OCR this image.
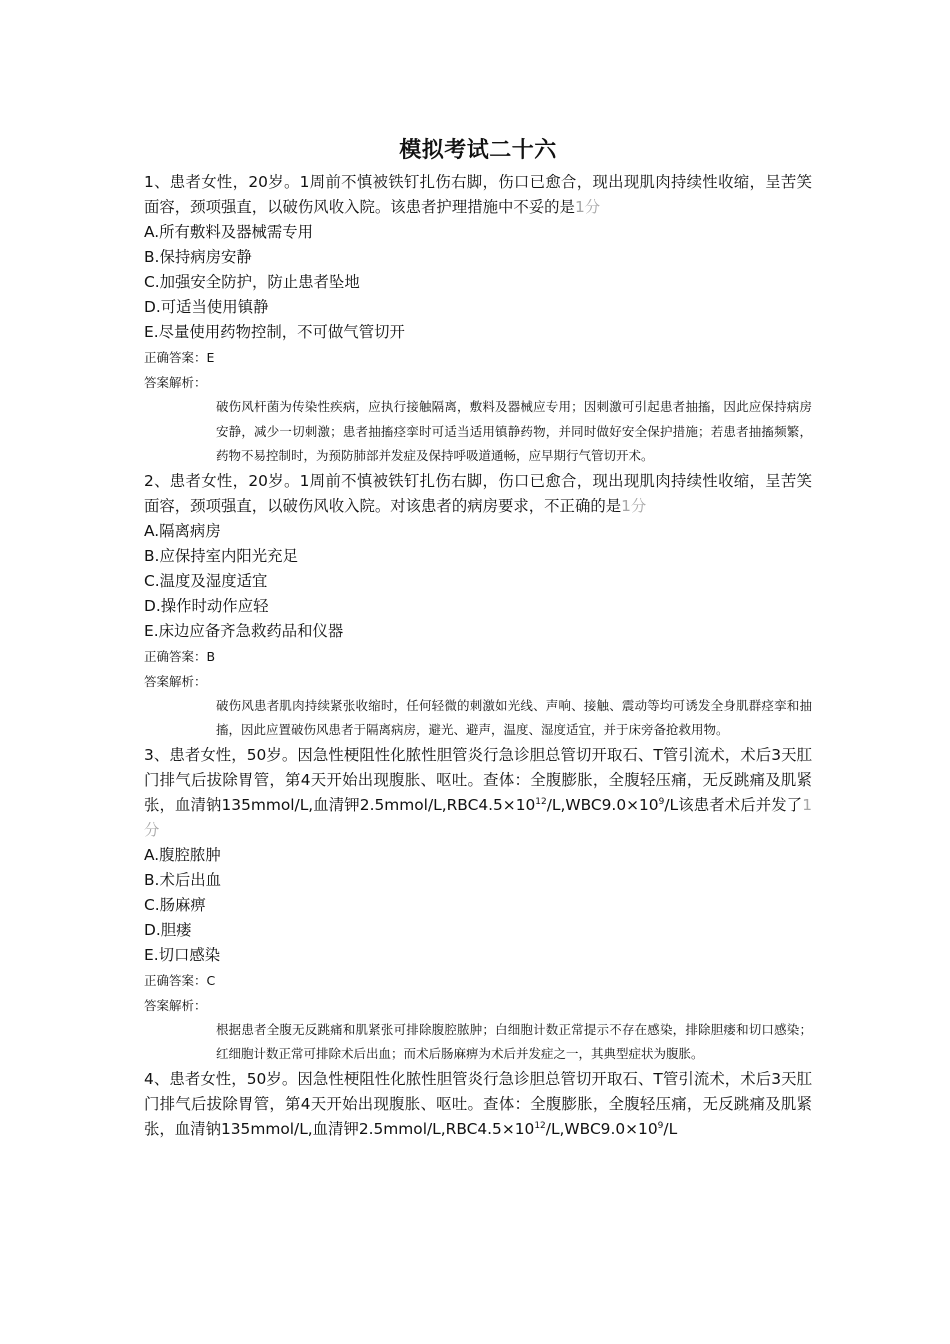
模拟考试二十六

1、患者女性，20岁。1周前不慎被铁钉扎伤右脚，伤口已愈合，现出现肌肉持续性收缩，呈苦笑面容，颈项强直，以破伤风收入院。该患者护理措施中不妥的是1分

A.所有敷料及器械需专用

B.保持病房安静

C.加强安全防护，防止患者坠地

D.可适当使用镇静

E.尽量使用药物控制，不可做气管切开

正确答案：E

答案解析：

破伤风杆菌为传染性疾病，应执行接触隔离，敷料及器械应专用；因刺激可引起患者抽搐，因此应保持病房安静，减少一切刺激；患者抽搐痉挛时可适当适用镇静药物，并同时做好安全保护措施；若患者抽搐频繁，药物不易控制时，为预防肺部并发症及保持呼吸道通畅，应早期行气管切开术。

2、患者女性，20岁。1周前不慎被铁钉扎伤右脚，伤口已愈合，现出现肌肉持续性收缩，呈苦笑面容，颈项强直，以破伤风收入院。对该患者的病房要求，不正确的是1分

A.隔离病房

B.应保持室内阳光充足

C.温度及湿度适宜

D.操作时动作应轻

E.床边应备齐急救药品和仪器

正确答案：B

答案解析：

破伤风患者肌肉持续紧张收缩时，任何轻微的刺激如光线、声响、接触、震动等均可诱发全身肌群痉挛和抽搐，因此应置破伤风患者于隔离病房，避光、避声，温度、湿度适宜，并于床旁备抢救用物。

3、患者女性，50岁。因急性梗阻性化脓性胆管炎行急诊胆总管切开取石、T管引流术，术后3天肛门排气后拔除胃管，第4天开始出现腹胀、呕吐。查体：全腹膨胀，全腹轻压痛，无反跳痛及肌紧张，血清钠135mmol/L,血清钾$2.5mmol/L,RBC4.5\times 10^{12}/L,WBC9.0\times 10^9/L$该患者术后并发了1分

A.腹腔脓肿

B.术后出血

C.肠麻痹

D.胆瘘

E.切口感染

正确答案：C

答案解析：

根据患者全腹无反跳痛和肌紧张可排除腹腔脓肿；白细胞计数正常提示不存在感染，排除胆瘘和切口感染；红细胞计数正常可排除术后出血；而术后肠麻痹为术后并发症之一，其典型症状为腹胀。

4、患者女性，50岁。因急性梗阻性化脓性胆管炎行急诊胆总管切开取石、T管引流术，术后3天肛门排气后拔除胃管，第4天开始出现腹胀、呕吐。查体：全腹膨胀，全腹轻压痛，无反跳痛及肌紧张，血清钠135mmol/L,血清钾$2.5mmol/L,RBC4.5\times 10^{12}/L,WBC9.0\times 10^9/L$
